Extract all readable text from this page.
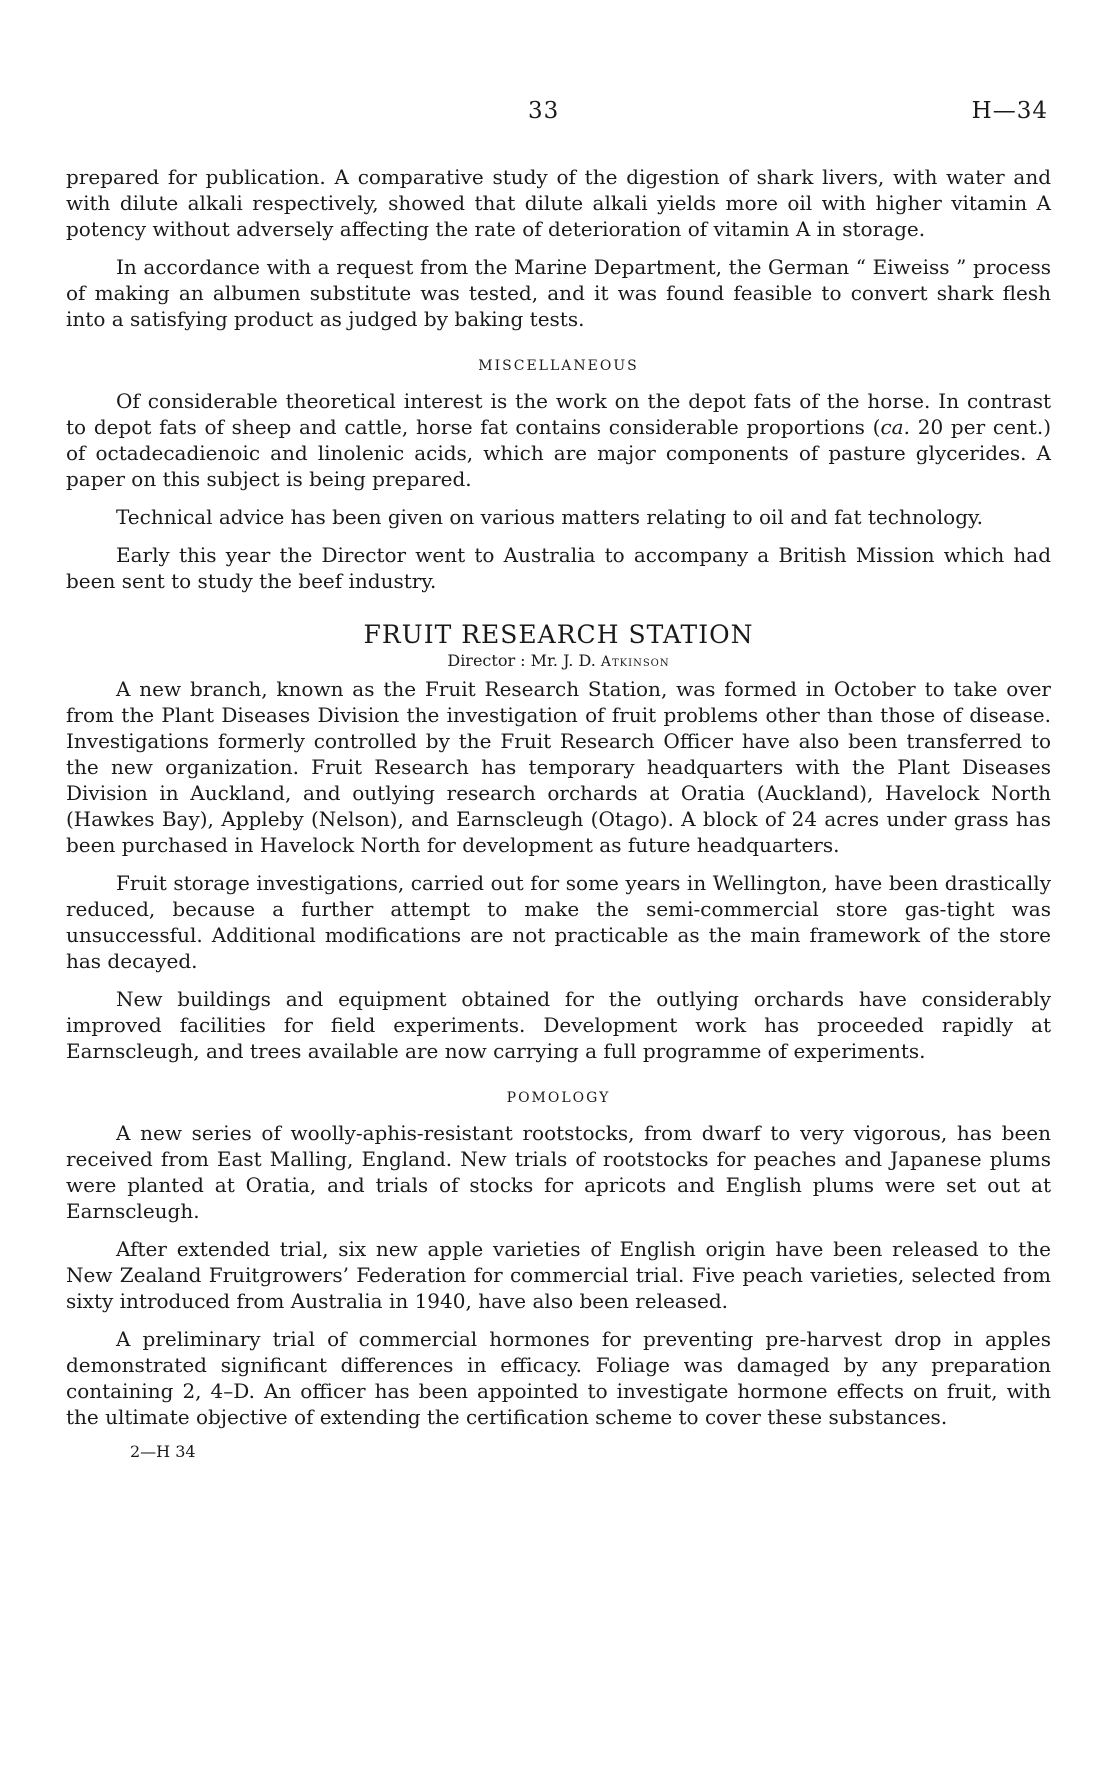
33	H—34

prepared for publication. A comparative study of the digestion of shark livers, with water and with dilute alkali respectively, showed that dilute alkali yields more oil with higher vitamin A potency without adversely affecting the rate of deterioration of vitamin A in storage.

In accordance with a request from the Marine Department, the German “ Eiweiss ” process of making an albumen substitute was tested, and it was found feasible to convert shark flesh into a satisfying product as judged by baking tests.

MISCELLANEOUS

Of considerable theoretical interest is the work on the depot fats of the horse. In contrast to depot fats of sheep and cattle, horse fat contains considerable proportions (ca. 20 per cent.) of octadecadienoic and linolenic acids, which are major components of pasture glycerides. A paper on this subject is being prepared.

Technical advice has been given on various matters relating to oil and fat technology.

Early this year the Director went to Australia to accompany a British Mission which had been sent to study the beef industry.

FRUIT RESEARCH STATION
Director : Mr. J. D. Atkinson

A new branch, known as the Fruit Research Station, was formed in October to take over from the Plant Diseases Division the investigation of fruit problems other than those of disease. Investigations formerly controlled by the Fruit Research Officer have also been transferred to the new organization. Fruit Research has temporary headquarters with the Plant Diseases Division in Auckland, and outlying research orchards at Oratia (Auckland), Havelock North (Hawkes Bay), Appleby (Nelson), and Earnscleugh (Otago). A block of 24 acres under grass has been purchased in Havelock North for development as future headquarters.

Fruit storage investigations, carried out for some years in Wellington, have been drastically reduced, because a further attempt to make the semi-commercial store gas-tight was unsuccessful. Additional modifications are not practicable as the main framework of the store has decayed.

New buildings and equipment obtained for the outlying orchards have considerably improved facilities for field experiments. Development work has proceeded rapidly at Earnscleugh, and trees available are now carrying a full programme of experiments.

POMOLOGY

A new series of woolly-aphis-resistant rootstocks, from dwarf to very vigorous, has been received from East Malling, England. New trials of rootstocks for peaches and Japanese plums were planted at Oratia, and trials of stocks for apricots and English plums were set out at Earnscleugh.

After extended trial, six new apple varieties of English origin have been released to the New Zealand Fruitgrowers’ Federation for commercial trial. Five peach varieties, selected from sixty introduced from Australia in 1940, have also been released.

A preliminary trial of commercial hormones for preventing pre-harvest drop in apples demonstrated significant differences in efficacy. Foliage was damaged by any preparation containing 2, 4–D. An officer has been appointed to investigate hormone effects on fruit, with the ultimate objective of extending the certification scheme to cover these substances.

2—H 34
